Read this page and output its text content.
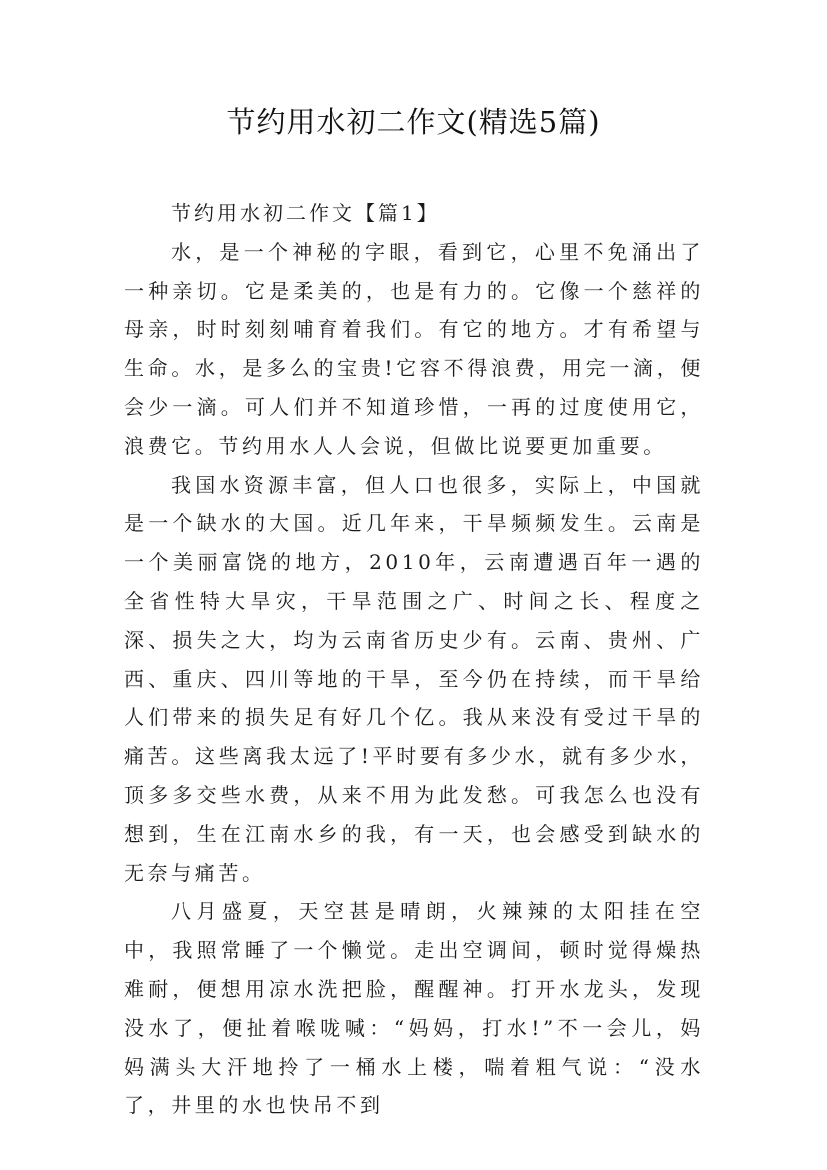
节约用水初二作文(精选5篇)

节约用水初二作文【篇1】

水，是一个神秘的字眼，看到它，心里不免涌出了一种亲切。它是柔美的，也是有力的。它像一个慈祥的母亲，时时刻刻哺育着我们。有它的地方。才有希望与生命。水，是多么的宝贵!它容不得浪费，用完一滴，便会少一滴。可人们并不知道珍惜，一再的过度使用它，浪费它。节约用水人人会说，但做比说要更加重要。

我国水资源丰富，但人口也很多，实际上，中国就是一个缺水的大国。近几年来，干旱频频发生。云南是一个美丽富饶的地方，2010年，云南遭遇百年一遇的全省性特大旱灾，干旱范围之广、时间之长、程度之深、损失之大，均为云南省历史少有。云南、贵州、广西、重庆、四川等地的干旱，至今仍在持续，而干旱给人们带来的损失足有好几个亿。我从来没有受过干旱的痛苦。这些离我太远了!平时要有多少水，就有多少水，顶多多交些水费，从来不用为此发愁。可我怎么也没有想到，生在江南水乡的我，有一天，也会感受到缺水的无奈与痛苦。

八月盛夏，天空甚是晴朗，火辣辣的太阳挂在空中，我照常睡了一个懒觉。走出空调间，顿时觉得燥热难耐，便想用凉水洗把脸，醒醒神。打开水龙头，发现没水了，便扯着喉咙喊：“妈妈，打水!”不一会儿，妈妈满头大汗地拎了一桶水上楼，喘着粗气说：“没水了，井里的水也快吊不到
